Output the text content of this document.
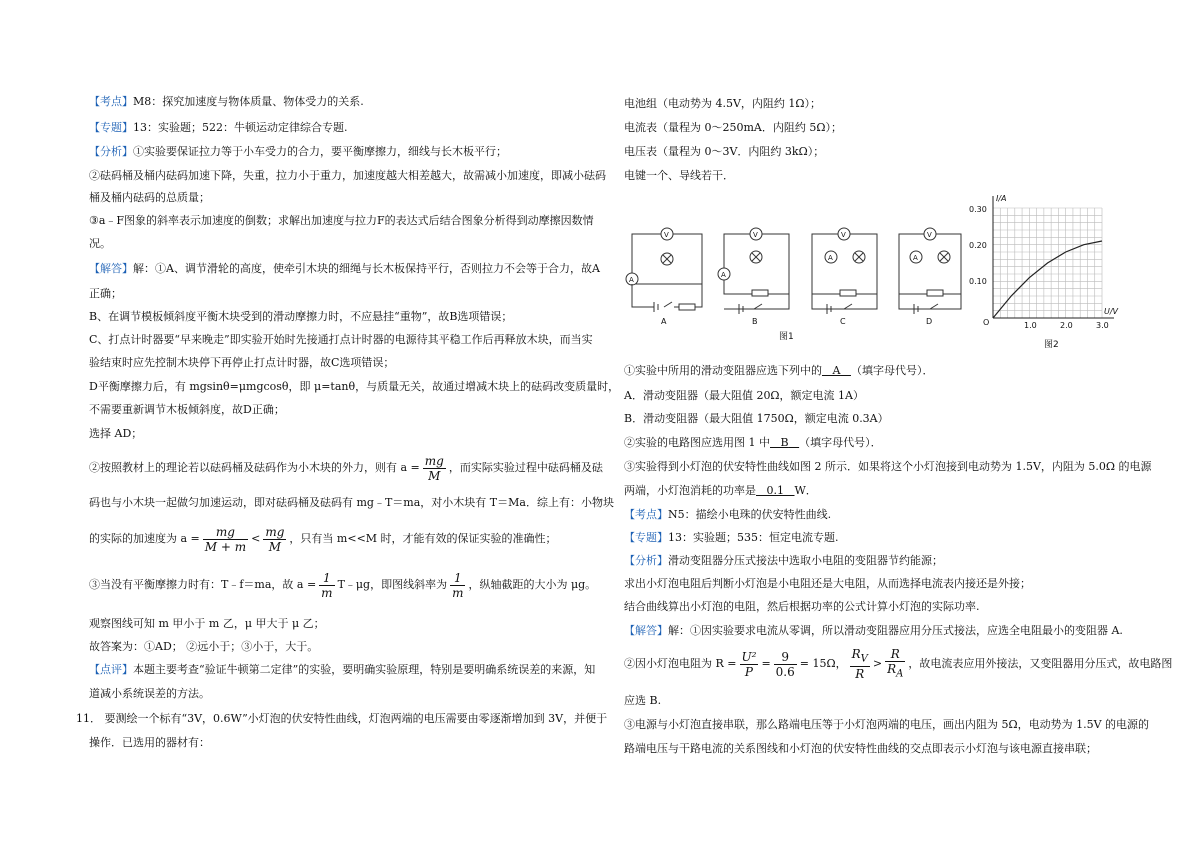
【考点】M8：探究加速度与物体质量、物体受力的关系.
【专题】13：实验题；522：牛顿运动定律综合专题.
【分析】①实验要保证拉力等于小车受力的合力，要平衡摩擦力，细线与长木板平行；
②砝码桶及桶内砝码加速下降，失重，拉力小于重力，加速度越大相差越大，故需减小加速度，即减小砝码
桶及桶内砝码的总质量；
③a﹣F图象的斜率表示加速度的倒数；求解出加速度与拉力F的表达式后结合图象分析得到动摩擦因数情
况。
【解答】解：①A、调节滑轮的高度，使牵引木块的细绳与长木板保持平行，否则拉力不会等于合力，故A
正确；
B、在调节模板倾斜度平衡木块受到的滑动摩擦力时，不应悬挂“重物”，故B选项错误；
C、打点计时器要“早来晚走”即实验开始时先接通打点计时器的电源待其平稳工作后再释放木块，而当实
验结束时应先控制木块停下再停止打点计时器，故C选项错误；
D平衡摩擦力后，有 mgsinθ=μmgcosθ，即 μ=tanθ，与质量无关，故通过增减木块上的砝码改变质量时，
不需要重新调节木板倾斜度，故D正确；
选择 AD；
②按照教材上的理论若以砝码桶及砝码作为小木块的外力，则有 $a = \frac{mg}{M}$ ，而实际实验过程中砝码桶及砝
码也与小木块一起做匀加速运动，即对砝码桶及砝码有 mg﹣T＝ma，对小木块有 T＝Ma．综上有：小物块
的实际的加速度为 $a = \frac{mg}{M + m} < \frac{mg}{M}$ ，只有当 m<<M 时，才能有效的保证实验的准确性；
③当没有平衡摩擦力时有：T﹣f＝ma，故 $a = \frac{1}{m}$ T﹣μg，即图线斜率为 $\frac{1}{m}$ ，纵轴截距的大小为 μg。
观察图线可知 m 甲小于 m 乙，μ 甲大于 μ 乙；
故答案为：①AD； ②远小于；③小于，大于。
【点评】本题主要考查“验证牛顿第二定律”的实验，要明确实验原理，特别是要明确系统误差的来源，知
道减小系统误差的方法。
11． 要测绘一个标有“3V，0.6W”小灯泡的伏安特性曲线，灯泡两端的电压需要由零逐渐增加到 3V，并便于
操作．已选用的器材有：
电池组（电动势为 4.5V，内阻约 1Ω）；
电流表（量程为 0～250mA．内阻约 5Ω）；
电压表（量程为 0～3V．内阻约 3kΩ）；
电键一个、导线若干．
V
A
V
A
V
A
V
A
A	B	C	D
图1
I/A
U/V
O
0.30
0.20
0.10
1.0	2.0	3.0
图2
①实验中所用的滑动变阻器应选下列中的 A （填字母代号）．
A．滑动变阻器（最大阻值 20Ω，额定电流 1A）
B．滑动变阻器（最大阻值 1750Ω，额定电流 0.3A）
②实验的电路图应选用图 1 中 B （填字母代号）．
③实验得到小灯泡的伏安特性曲线如图 2 所示．如果将这个小灯泡接到电动势为 1.5V，内阻为 5.0Ω 的电源
两端，小灯泡消耗的功率是 0.1 W．
【考点】N5：描绘小电珠的伏安特性曲线.
【专题】13：实验题；535：恒定电流专题.
【分析】滑动变阻器分压式接法中选取小电阻的变阻器节约能源；
求出小灯泡电阻后判断小灯泡是小电阻还是大电阻，从而选择电流表内接还是外接；
结合曲线算出小灯泡的电阻，然后根据功率的公式计算小灯泡的实际功率.
【解答】解：①因实验要求电流从零调，所以滑动变阻器应用分压式接法，应选全电阻最小的变阻器 A.
②因小灯泡电阻为 $R = \frac{\text{U²}}{P} = \frac{9}{0.6} = 15\Omega$， $\frac{R_V}{R} > \frac{R}{R_A}$ ，故电流表应用外接法，又变阻器用分压式，故电路图
应选 B.
③电源与小灯泡直接串联，那么路端电压等于小灯泡两端的电压，画出内阻为 5Ω，电动势为 1.5V 的电源的
路端电压与干路电流的关系图线和小灯泡的伏安特性曲线的交点即表示小灯泡与该电源直接串联；
